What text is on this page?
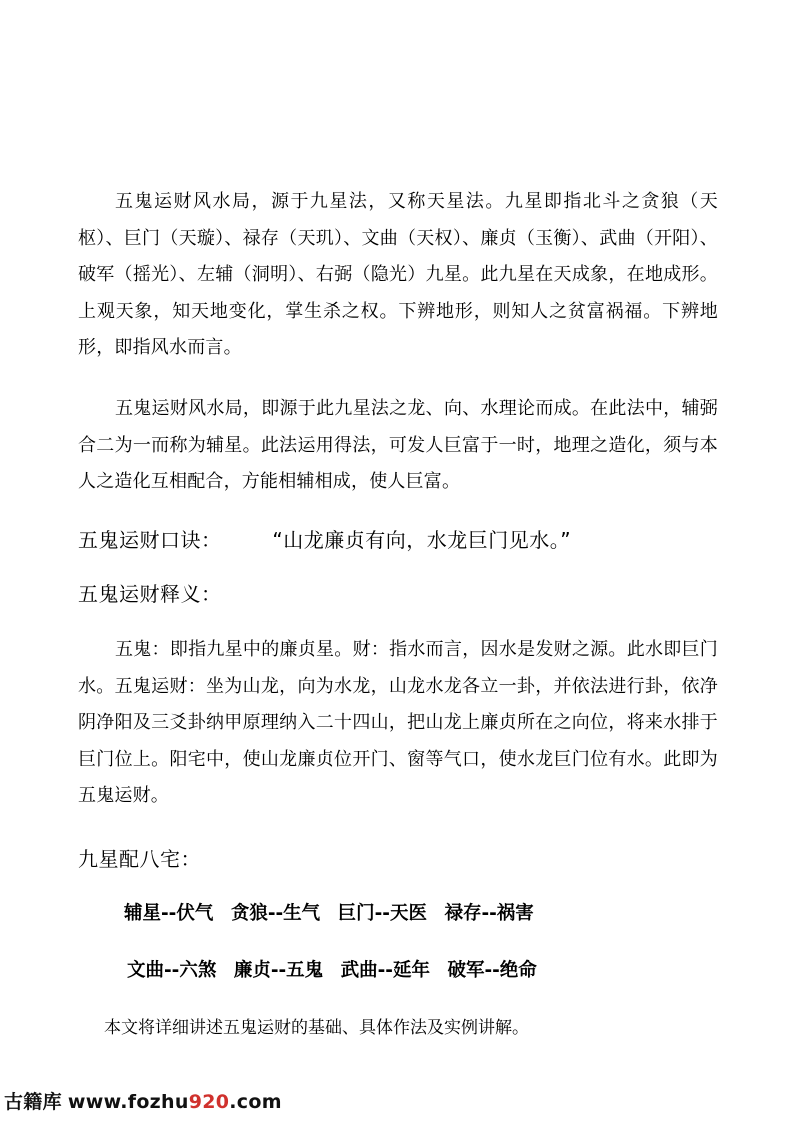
五鬼运财风水局，源于九星法，又称天星法。九星即指北斗之贪狼（天枢）、巨门（天璇）、禄存（天玑）、文曲（天权）、廉贞（玉衡）、武曲（开阳）、破军（摇光）、左辅（洞明）、右弼（隐光）九星。此九星在天成象，在地成形。上观天象，知天地变化，掌生杀之权。下辨地形，则知人之贫富祸福。下辨地形，即指风水而言。

五鬼运财风水局，即源于此九星法之龙、向、水理论而成。在此法中，辅弼合二为一而称为辅星。此法运用得法，可发人巨富于一时，地理之造化，须与本人之造化互相配合，方能相辅相成，使人巨富。

五鬼运财口诀：	“山龙廉贞有向，水龙巨门见水。”
五鬼运财释义：

五鬼：即指九星中的廉贞星。财：指水而言，因水是发财之源。此水即巨门水。五鬼运财：坐为山龙，向为水龙，山龙水龙各立一卦，并依法进行卦，依净阴净阳及三爻卦纳甲原理纳入二十四山，把山龙上廉贞所在之向位，将来水排于巨门位上。阳宅中，使山龙廉贞位开门、窗等气口，使水龙巨门位有水。此即为五鬼运财。

九星配八宅：
辅星--伏气 贪狼--生气 巨门--天医 禄存--祸害
文曲--六煞 廉贞--五鬼 武曲--延年 破军--绝命

本文将详细讲述五鬼运财的基础、具体作法及实例讲解。

古籍库 www.fozhu920.com
